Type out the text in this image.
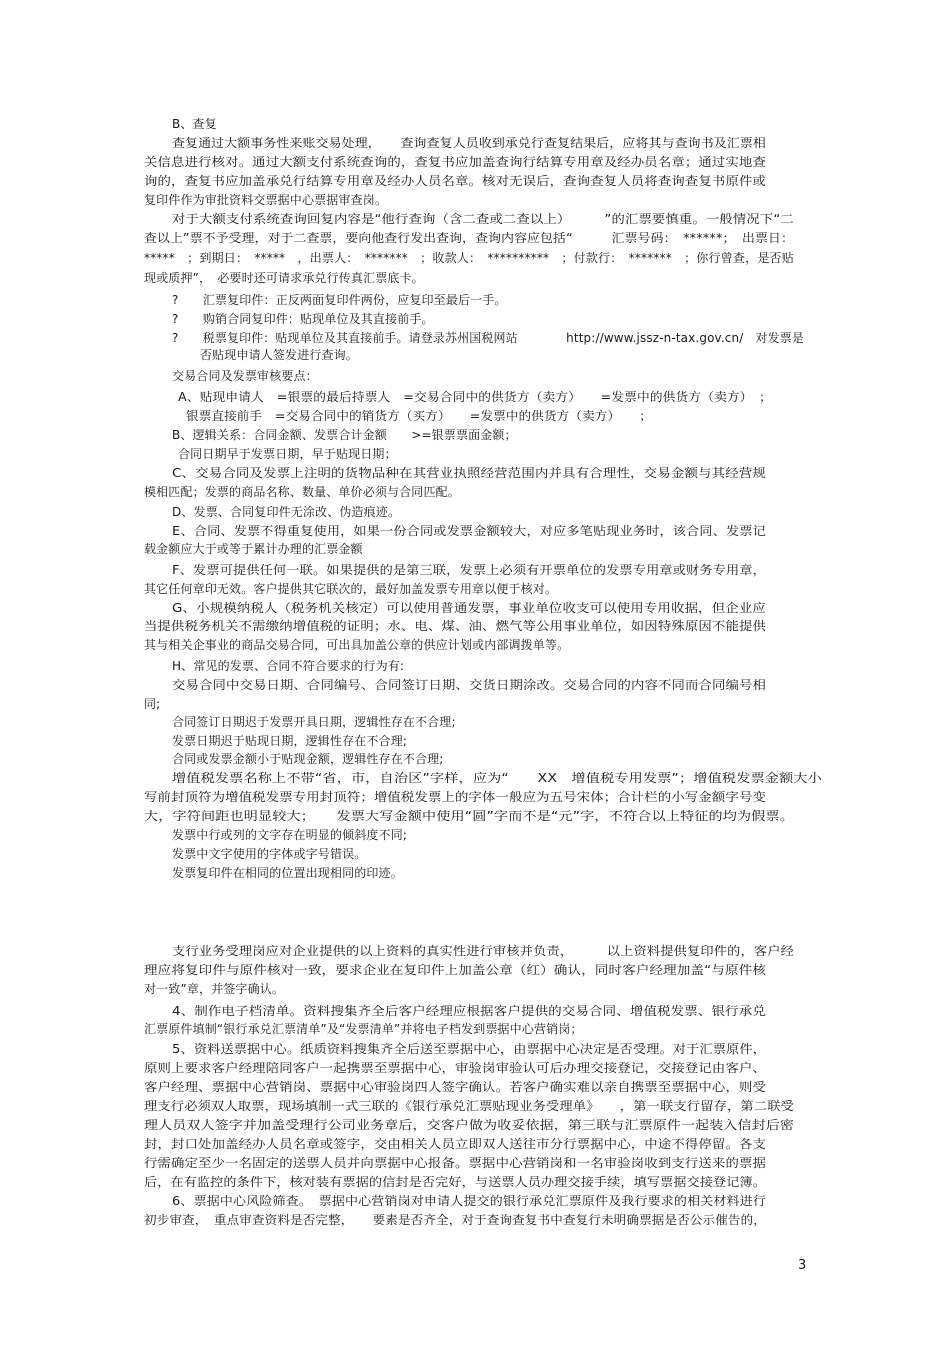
B、查复
查复通过大额事务性来账交易处理，　　查询查复人员收到承兑行查复结果后，应将其与查询书及汇票相
关信息进行核对。通过大额支付系统查询的，查复书应加盖查询行结算专用章及经办员名章；通过实地查
询的，查复书应加盖承兑行结算专用章及经办人员名章。核对无误后，查询查复人员将查询查复书原件或
复印件作为审批资料交票据中心票据审查岗。
对于大额支付系统查询回复内容是“他行查询（含二查或二查以上）　　　”的汇票要慎重。一般情况下“二
查以上”票不予受理，对于二查票，要向他查行发出查询，查询内容应包括“　　　汇票号码：　******；　出票日：
*****　；到期日：　*****　，出票人：　*******　；收款人：　**********　；付款行：　*******　；你行曾查，是否贴
现或质押”，　必要时还可请求承兑行传真汇票底卡。
?　　汇票复印件：正反两面复印件两份，应复印至最后一手。
?　　购销合同复印件：贴现单位及其直接前手。
?　　税票复印件：贴现单位及其直接前手。请登录苏州国税网站　　　　http://www.jssz-n-tax.gov.cn/　对发票是
否贴现申请人签发进行查询。
交易合同及发票审核要点：
A、贴现申请人　=银票的最后持票人　=交易合同中的供货方（卖方）　　=发票中的供货方（卖方）　；
银票直接前手　=交易合同中的销货方（买方）　　=发票中的供货方（卖方）　　；
B、逻辑关系：合同金额、发票合计金额　　>=银票票面金额；
合同日期早于发票日期，早于贴现日期；
C、交易合同及发票上注明的货物品种在其营业执照经营范围内并具有合理性，交易金额与其经营规
模相匹配；发票的商品名称、数量、单价必须与合同匹配。
D、发票、合同复印件无涂改、伪造痕迹。
E、合同、发票不得重复使用，如果一份合同或发票金额较大，对应多笔贴现业务时，该合同、发票记
载金额应大于或等于累计办理的汇票金额
F、发票可提供任何一联。如果提供的是第三联，发票上必须有开票单位的发票专用章或财务专用章，
其它任何章印无效。客户提供其它联次的，最好加盖发票专用章以便于核对。
G、小规模纳税人（税务机关核定）可以使用普通发票，事业单位收支可以使用专用收据，但企业应
当提供税务机关不需缴纳增值税的证明；水、电、煤、油、燃气等公用事业单位，如因特殊原因不能提供
其与相关企事业的商品交易合同，可出具加盖公章的供应计划或内部调拨单等。
H、常见的发票、合同不符合要求的行为有:
交易合同中交易日期、合同编号、合同签订日期、交货日期涂改。交易合同的内容不同而合同编号相
同;
合同签订日期迟于发票开具日期，逻辑性存在不合理;
发票日期迟于贴现日期，逻辑性存在不合理;
合同或发票金额小于贴现金额，逻辑性存在不合理;
增值税发票名称上不带“省，市，自治区”字样，应为“　　XX　增值税专用发票”；增值税发票金额大小
写前封顶符为增值税发票专用封顶符；增值税发票上的字体一般应为五号宋体；合计栏的小写金额字号变
大，字符间距也明显较大；　　发票大写金额中使用“圆”字而不是“元”字，不符合以上特征的均为假票。
发票中行或列的文字存在明显的倾斜度不同;
发票中文字使用的字体或字号错误。
发票复印件在相同的位置出现相同的印迹。
支行业务受理岗应对企业提供的以上资料的真实性进行审核并负责，　　　以上资料提供复印件的，客户经
理应将复印件与原件核对一致，要求企业在复印件上加盖公章（红）确认，同时客户经理加盖“与原件核
对一致”章，并签字确认。
4、制作电子档清单。资料搜集齐全后客户经理应根据客户提供的交易合同、增值税发票、银行承兑
汇票原件填制“银行承兑汇票清单”及“发票清单”并将电子档发到票据中心营销岗；
5、资料送票据中心。纸质资料搜集齐全后送至票据中心，由票据中心决定是否受理。对于汇票原件，
原则上要求客户经理陪同客户一起携票至票据中心，审验岗审验认可后办理交接登记，交接登记由客户、
客户经理、票据中心营销岗、票据中心审验岗四人签字确认。若客户确实难以亲自携票至票据中心，则受
理支行必须双人取票，现场填制一式三联的《银行承兑汇票贴现业务受理单》　　，第一联支行留存，第二联受
理人员双人签字并加盖受理行公司业务章后，交客户做为收妥依据，第三联与汇票原件一起装入信封后密
封，封口处加盖经办人员名章或签字，交由相关人员立即双人送往市分行票据中心，中途不得停留。各支
行需确定至少一名固定的送票人员并向票据中心报备。票据中心营销岗和一名审验岗收到支行送来的票据
后，在有监控的条件下，核对装有票据的信封是否完好，与送票人员办理交接手续，填写票据交接登记簿。
6、票据中心风险筛查。　票据中心营销岗对申请人提交的银行承兑汇票原件及我行要求的相关材料进行
初步审查，　重点审查资料是否完整，　　要素是否齐全，对于查询查复书中查复行未明确票据是否公示催告的，
3
